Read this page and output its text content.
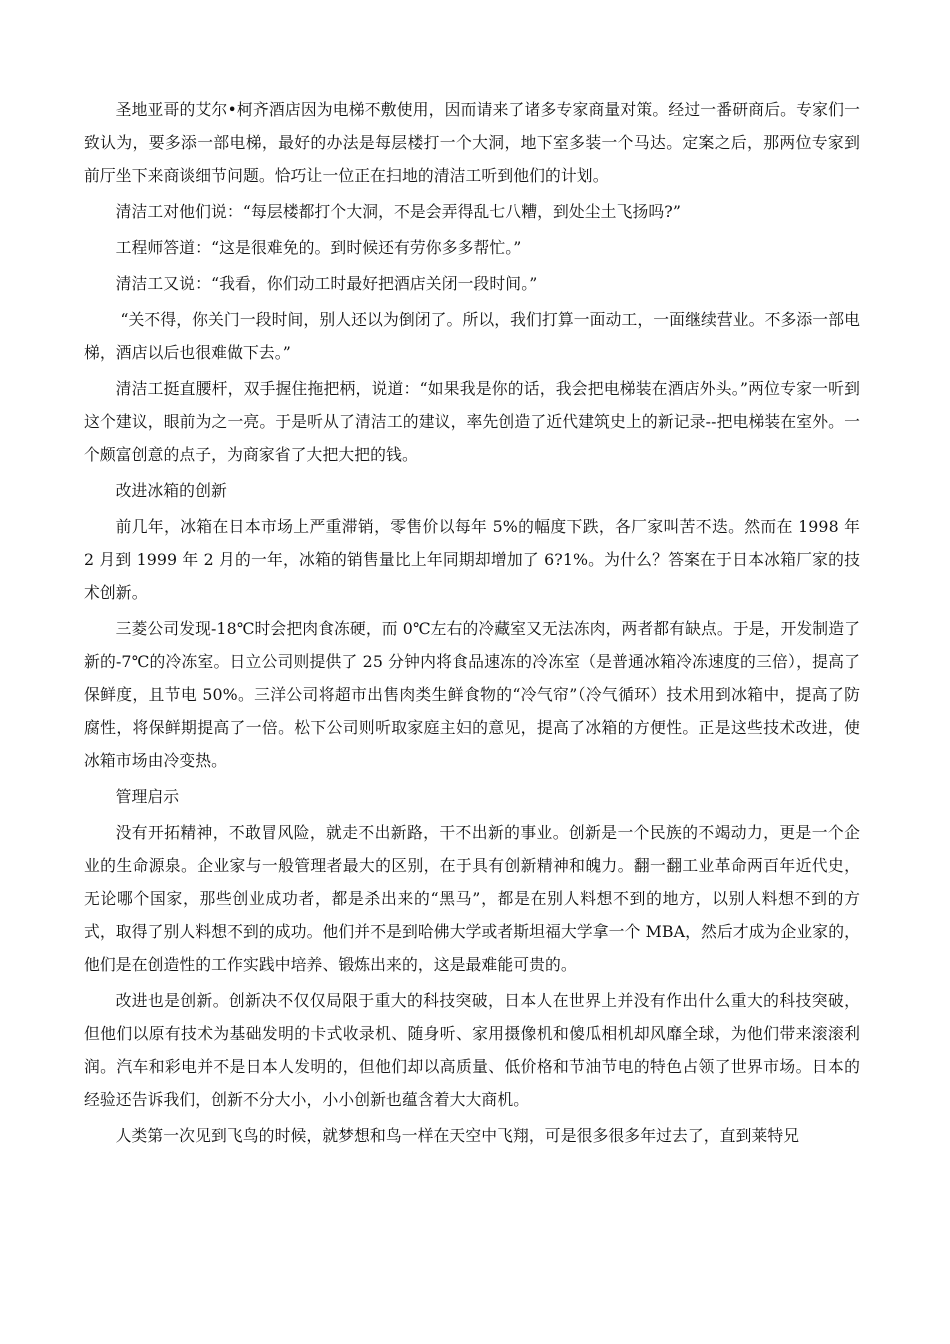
圣地亚哥的艾尔•柯齐酒店因为电梯不敷使用，因而请来了诸多专家商量对策。经过一番研商后。专家们一致认为，要多添一部电梯，最好的办法是每层楼打一个大洞，地下室多装一个马达。定案之后，那两位专家到前厅坐下来商谈细节问题。恰巧让一位正在扫地的清洁工听到他们的计划。

清洁工对他们说：“每层楼都打个大洞，不是会弄得乱七八糟，到处尘土飞扬吗?”

工程师答道：“这是很难免的。到时候还有劳你多多帮忙。”

清洁工又说：“我看，你们动工时最好把酒店关闭一段时间。”

“关不得，你关门一段时间，别人还以为倒闭了。所以，我们打算一面动工，一面继续营业。不多添一部电梯，酒店以后也很难做下去。”

清洁工挺直腰杆，双手握住拖把柄，说道：“如果我是你的话，我会把电梯装在酒店外头。”两位专家一听到这个建议，眼前为之一亮。于是听从了清洁工的建议，率先创造了近代建筑史上的新记录--把电梯装在室外。一个颇富创意的点子，为商家省了大把大把的钱。

改进冰箱的创新

前几年，冰箱在日本市场上严重滞销，零售价以每年 5%的幅度下跌，各厂家叫苦不迭。然而在 1998 年 2 月到 1999 年 2 月的一年，冰箱的销售量比上年同期却增加了 6?1%。为什么？答案在于日本冰箱厂家的技术创新。

三菱公司发现-18℃时会把肉食冻硬，而 0℃左右的冷藏室又无法冻肉，两者都有缺点。于是，开发制造了新的-7℃的冷冻室。日立公司则提供了 25 分钟内将食品速冻的冷冻室（是普通冰箱冷冻速度的三倍），提高了保鲜度，且节电 50%。三洋公司将超市出售肉类生鲜食物的“冷气帘”（冷气循环）技术用到冰箱中，提高了防腐性，将保鲜期提高了一倍。松下公司则听取家庭主妇的意见，提高了冰箱的方便性。正是这些技术改进，使冰箱市场由冷变热。

管理启示

没有开拓精神，不敢冒风险，就走不出新路，干不出新的事业。创新是一个民族的不竭动力，更是一个企业的生命源泉。企业家与一般管理者最大的区别，在于具有创新精神和魄力。翻一翻工业革命两百年近代史，无论哪个国家，那些创业成功者，都是杀出来的“黑马”，都是在别人料想不到的地方，以别人料想不到的方式，取得了别人料想不到的成功。他们并不是到哈佛大学或者斯坦福大学拿一个 MBA，然后才成为企业家的，他们是在创造性的工作实践中培养、锻炼出来的，这是最难能可贵的。

改进也是创新。创新决不仅仅局限于重大的科技突破，日本人在世界上并没有作出什么重大的科技突破，但他们以原有技术为基础发明的卡式收录机、随身听、家用摄像机和傻瓜相机却风靡全球，为他们带来滚滚利润。汽车和彩电并不是日本人发明的，但他们却以高质量、低价格和节油节电的特色占领了世界市场。日本的经验还告诉我们，创新不分大小，小小创新也蕴含着大大商机。

人类第一次见到飞鸟的时候，就梦想和鸟一样在天空中飞翔，可是很多很多年过去了，直到莱特兄
